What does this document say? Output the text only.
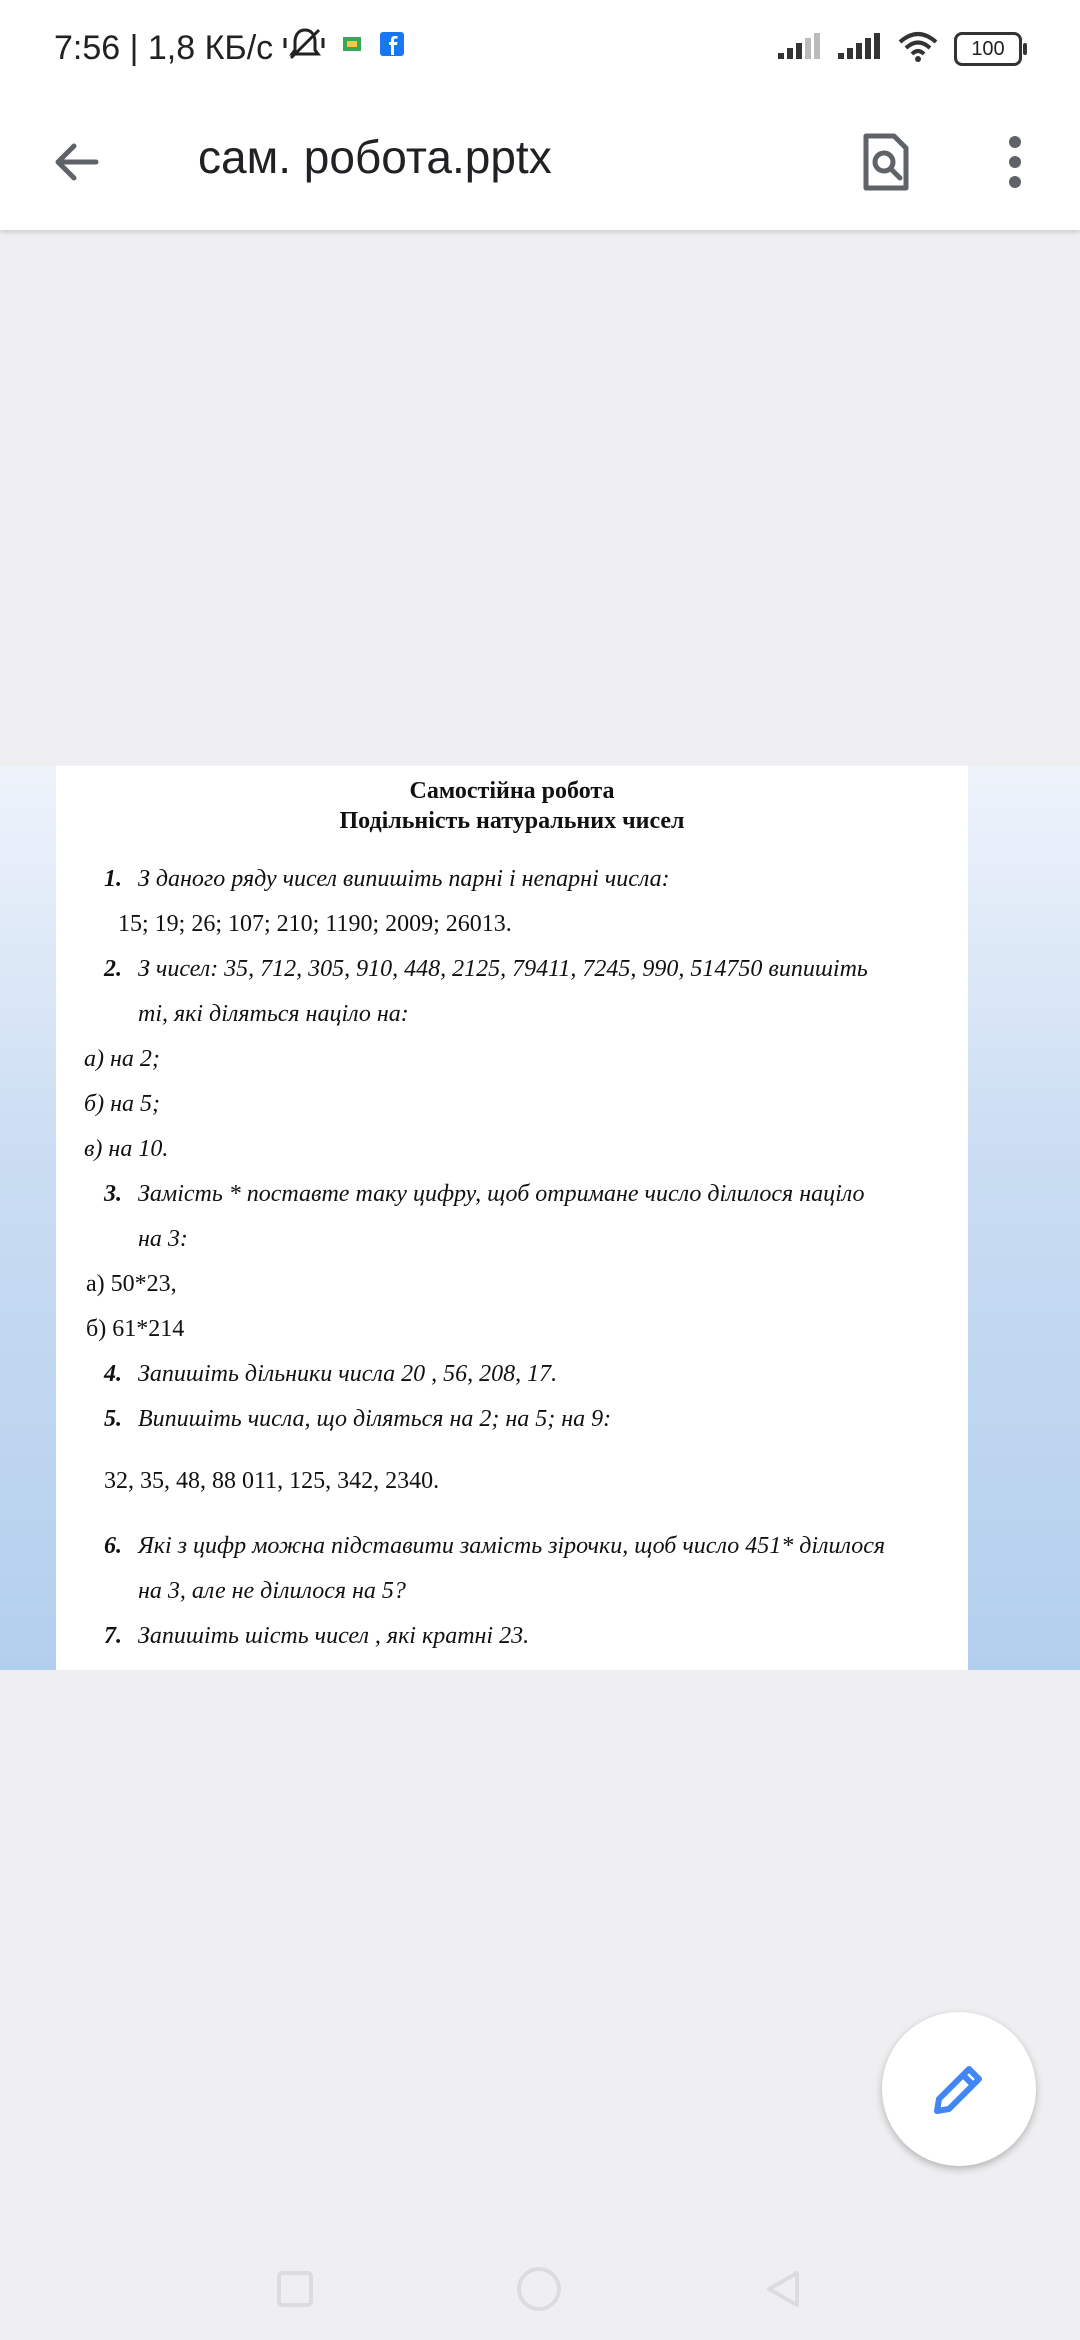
7:56 | 1,8 КБ/с	100
сам. робота.pptx
Самостійна робота
Подільність натуральних чисел
1. З даного ряду чисел випишіть парні і непарні числа:
15; 19; 26; 107; 210; 1190; 2009; 26013.
2. З чисел: 35, 712, 305, 910, 448, 2125, 79411, 7245, 990, 514750 випишіть
ті, які діляться націло на:
а) на 2;
б) на 5;
в) на 10.
3. Замість * поставте таку цифру, щоб отримане число ділилося націло
на 3:
а) 50*23,
б) 61*214
4. Запишіть дільники числа 20 , 56, 208, 17.
5. Випишіть числа, що діляться на 2; на 5; на 9:
32, 35, 48, 88 011, 125, 342, 2340.
6. Які з цифр можна підставити замість зірочки, щоб число 451* ділилося
на 3, але не ділилося на 5?
7. Запишіть шість чисел , які кратні 23.
